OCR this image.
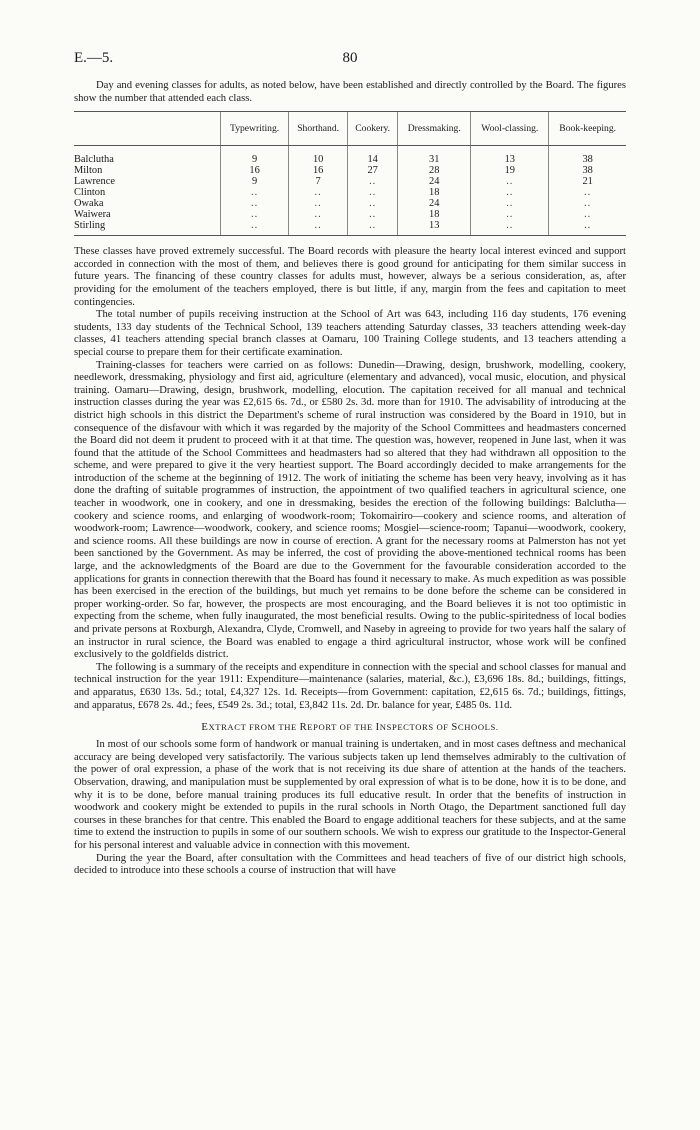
E.—5.	80

Day and evening classes for adults, as noted below, have been established and directly controlled by the Board. The figures show the number that attended each class.

	Typewriting.	Shorthand.	Cookery.	Dressmaking.	Wool-classing.	Book-keeping.

Balclutha	9	10	14	31	13	38
Milton	16	16	27	28	19	38
Lawrence	9	7	..	24	..	21
Clinton	..	..	..	18	..	..
Owaka	..	..	..	24	..	..
Waiwera	..	..	..	18	..	..
Stirling	..	..	..	13	..	..

These classes have proved extremely successful. The Board records with pleasure the hearty local interest evinced and support accorded in connection with the most of them, and believes there is good ground for anticipating for them similar success in future years. The financing of these country classes for adults must, however, always be a serious consideration, as, after providing for the emolument of the teachers employed, there is but little, if any, margin from the fees and capitation to meet contingencies.

The total number of pupils receiving instruction at the School of Art was 643, including 116 day students, 176 evening students, 133 day students of the Technical School, 139 teachers attending Saturday classes, 33 teachers attending week-day classes, 41 teachers attending special branch classes at Oamaru, 100 Training College students, and 13 teachers attending a special course to prepare them for their certificate examination.

Training-classes for teachers were carried on as follows: Dunedin—Drawing, design, brushwork, modelling, cookery, needlework, dressmaking, physiology and first aid, agriculture (elementary and advanced), vocal music, elocution, and physical training. Oamaru—Drawing, design, brushwork, modelling, elocution. The capitation received for all manual and technical instruction classes during the year was £2,615 6s. 7d., or £580 2s. 3d. more than for 1910. The advisability of introducing at the district high schools in this district the Department's scheme of rural instruction was considered by the Board in 1910, but in consequence of the disfavour with which it was regarded by the majority of the School Committees and headmasters concerned the Board did not deem it prudent to proceed with it at that time. The question was, however, reopened in June last, when it was found that the attitude of the School Committees and headmasters had so altered that they had withdrawn all opposition to the scheme, and were prepared to give it the very heartiest support. The Board accordingly decided to make arrangements for the introduction of the scheme at the beginning of 1912. The work of initiating the scheme has been very heavy, involving as it has done the drafting of suitable programmes of instruction, the appointment of two qualified teachers in agricultural science, one teacher in woodwork, one in cookery, and one in dressmaking, besides the erection of the following buildings: Balclutha—cookery and science rooms, and enlarging of woodwork-room; Tokomairiro—cookery and science rooms, and alteration of woodwork-room; Lawrence—woodwork, cookery, and science rooms; Mosgiel—science-room; Tapanui—woodwork, cookery, and science rooms. All these buildings are now in course of erection. A grant for the necessary rooms at Palmerston has not yet been sanctioned by the Government. As may be inferred, the cost of providing the above-mentioned technical rooms has been large, and the acknowledgments of the Board are due to the Government for the favourable consideration accorded to the applications for grants in connection therewith that the Board has found it necessary to make. As much expedition as was possible has been exercised in the erection of the buildings, but much yet remains to be done before the scheme can be considered in proper working-order. So far, however, the prospects are most encouraging, and the Board believes it is not too optimistic in expecting from the scheme, when fully inaugurated, the most beneficial results. Owing to the public-spiritedness of local bodies and private persons at Roxburgh, Alexandra, Clyde, Cromwell, and Naseby in agreeing to provide for two years half the salary of an instructor in rural science, the Board was enabled to engage a third agricultural instructor, whose work will be confined exclusively to the goldfields district.

The following is a summary of the receipts and expenditure in connection with the special and school classes for manual and technical instruction for the year 1911: Expenditure—maintenance (salaries, material, &c.), £3,696 18s. 8d.; buildings, fittings, and apparatus, £630 13s. 5d.; total, £4,327 12s. 1d. Receipts—from Government: capitation, £2,615 6s. 7d.; buildings, fittings, and apparatus, £678 2s. 4d.; fees, £549 2s. 3d.; total, £3,842 11s. 2d. Dr. balance for year, £485 0s. 11d.

EXTRACT FROM THE REPORT OF THE INSPECTORS OF SCHOOLS.

In most of our schools some form of handwork or manual training is undertaken, and in most cases deftness and mechanical accuracy are being developed very satisfactorily. The various subjects taken up lend themselves admirably to the cultivation of the power of oral expression, a phase of the work that is not receiving its due share of attention at the hands of the teachers. Observation, drawing, and manipulation must be supplemented by oral expression of what is to be done, how it is to be done, and why it is to be done, before manual training produces its full educative result. In order that the benefits of instruction in woodwork and cookery might be extended to pupils in the rural schools in North Otago, the Department sanctioned full day courses in these branches for that centre. This enabled the Board to engage additional teachers for these subjects, and at the same time to extend the instruction to pupils in some of our southern schools. We wish to express our gratitude to the Inspector-General for his personal interest and valuable advice in connection with this movement.

During the year the Board, after consultation with the Committees and head teachers of five of our district high schools, decided to introduce into these schools a course of instruction that will have
